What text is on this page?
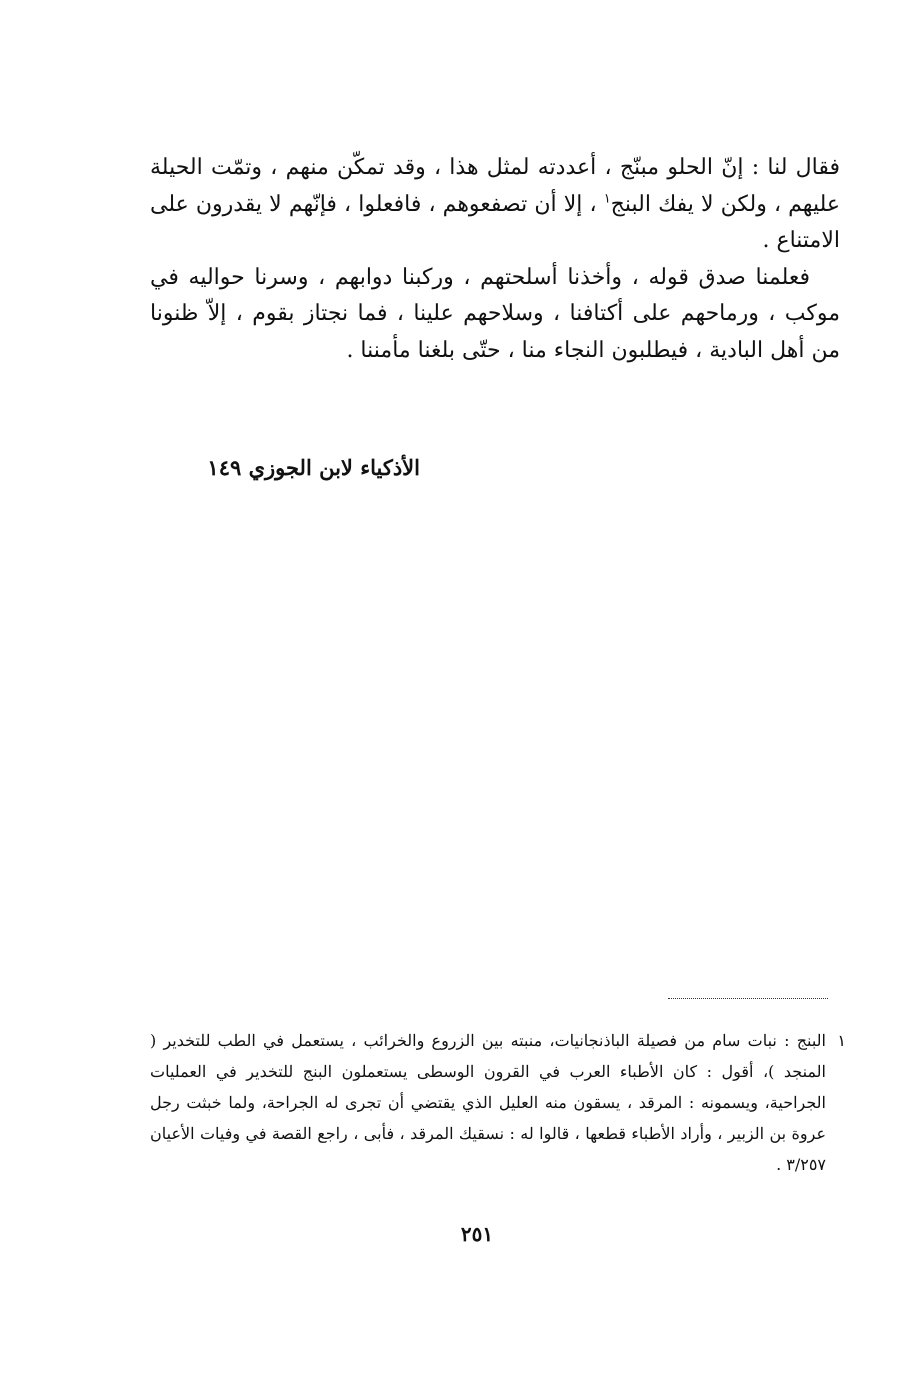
فقال لنا : إنّ الحلو مبنّج ، أعددته لمثل هذا ، وقد تمكّن منهم ، وتمّت الحيلة عليهم ، ولكن لا يفك البنج$^١$ ، إلا أن تصفعوهم ، فافعلوا ، فإنّهم لا يقدرون على الامتناع .

فعلمنا صدق قوله ، وأخذنا أسلحتهم ، وركبنا دوابهم ، وسرنا حواليه في موكب ، ورماحهم على أكتافنا ، وسلاحهم علينا ، فما نجتاز بقوم ، إلاّ ظنونا من أهل البادية ، فيطلبون النجاء منا ، حتّى بلغنا مأمننا .

الأذكياء لابن الجوزي ١٤٩
١
البنج : نبات سام من فصيلة الباذنجانيات، منبته بين الزروع والخرائب ، يستعمل في الطب للتخدير ( المنجد )، أقول : كان الأطباء العرب في القرون الوسطى يستعملون البنج للتخدير في العمليات الجراحية، ويسمونه : المرقد ، يسقون منه العليل الذي يقتضي أن تجرى له الجراحة، ولما خبثت رجل عروة بن الزبير ، وأراد الأطباء قطعها ، قالوا له : نسقيك المرقد ، فأبى ، راجع القصة في وفيات الأعيان ٣/٢٥٧ .
٢٥١
